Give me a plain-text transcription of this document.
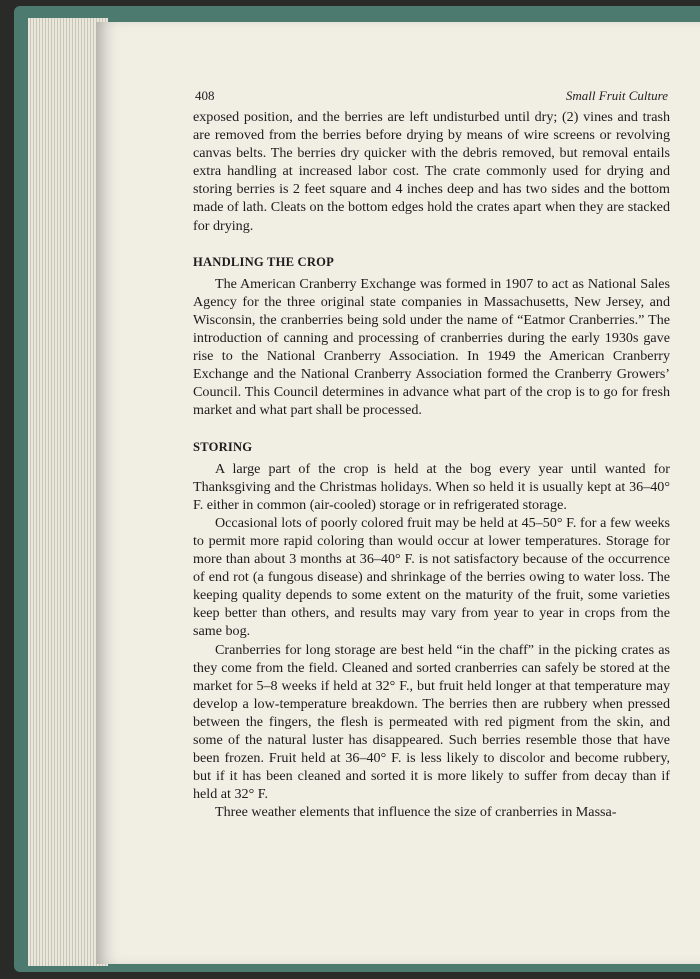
408	Small Fruit Culture

exposed position, and the berries are left undisturbed until dry; (2) vines and trash are removed from the berries before drying by means of wire screens or revolving canvas belts. The berries dry quicker with the debris removed, but removal entails extra handling at increased labor cost. The crate commonly used for drying and storing berries is 2 feet square and 4 inches deep and has two sides and the bottom made of lath. Cleats on the bottom edges hold the crates apart when they are stacked for drying.

HANDLING THE CROP

The American Cranberry Exchange was formed in 1907 to act as National Sales Agency for the three original state companies in Massachusetts, New Jersey, and Wisconsin, the cranberries being sold under the name of “Eatmor Cranberries.” The introduction of canning and processing of cranberries during the early 1930s gave rise to the National Cranberry Association. In 1949 the American Cranberry Exchange and the National Cranberry Association formed the Cranberry Growers’ Council. This Council determines in advance what part of the crop is to go for fresh market and what part shall be processed.

STORING

A large part of the crop is held at the bog every year until wanted for Thanksgiving and the Christmas holidays. When so held it is usually kept at 36–40° F. either in common (air-cooled) storage or in refrigerated storage.

Occasional lots of poorly colored fruit may be held at 45–50° F. for a few weeks to permit more rapid coloring than would occur at lower temperatures. Storage for more than about 3 months at 36–40° F. is not satisfactory because of the occurrence of end rot (a fungous disease) and shrinkage of the berries owing to water loss. The keeping quality depends to some extent on the maturity of the fruit, some varieties keep better than others, and results may vary from year to year in crops from the same bog.

Cranberries for long storage are best held “in the chaff” in the picking crates as they come from the field. Cleaned and sorted cranberries can safely be stored at the market for 5–8 weeks if held at 32° F., but fruit held longer at that temperature may develop a low-temperature breakdown. The berries then are rubbery when pressed between the fingers, the flesh is permeated with red pigment from the skin, and some of the natural luster has disappeared. Such berries resemble those that have been frozen. Fruit held at 36–40° F. is less likely to discolor and become rubbery, but if it has been cleaned and sorted it is more likely to suffer from decay than if held at 32° F.

Three weather elements that influence the size of cranberries in Massa-
